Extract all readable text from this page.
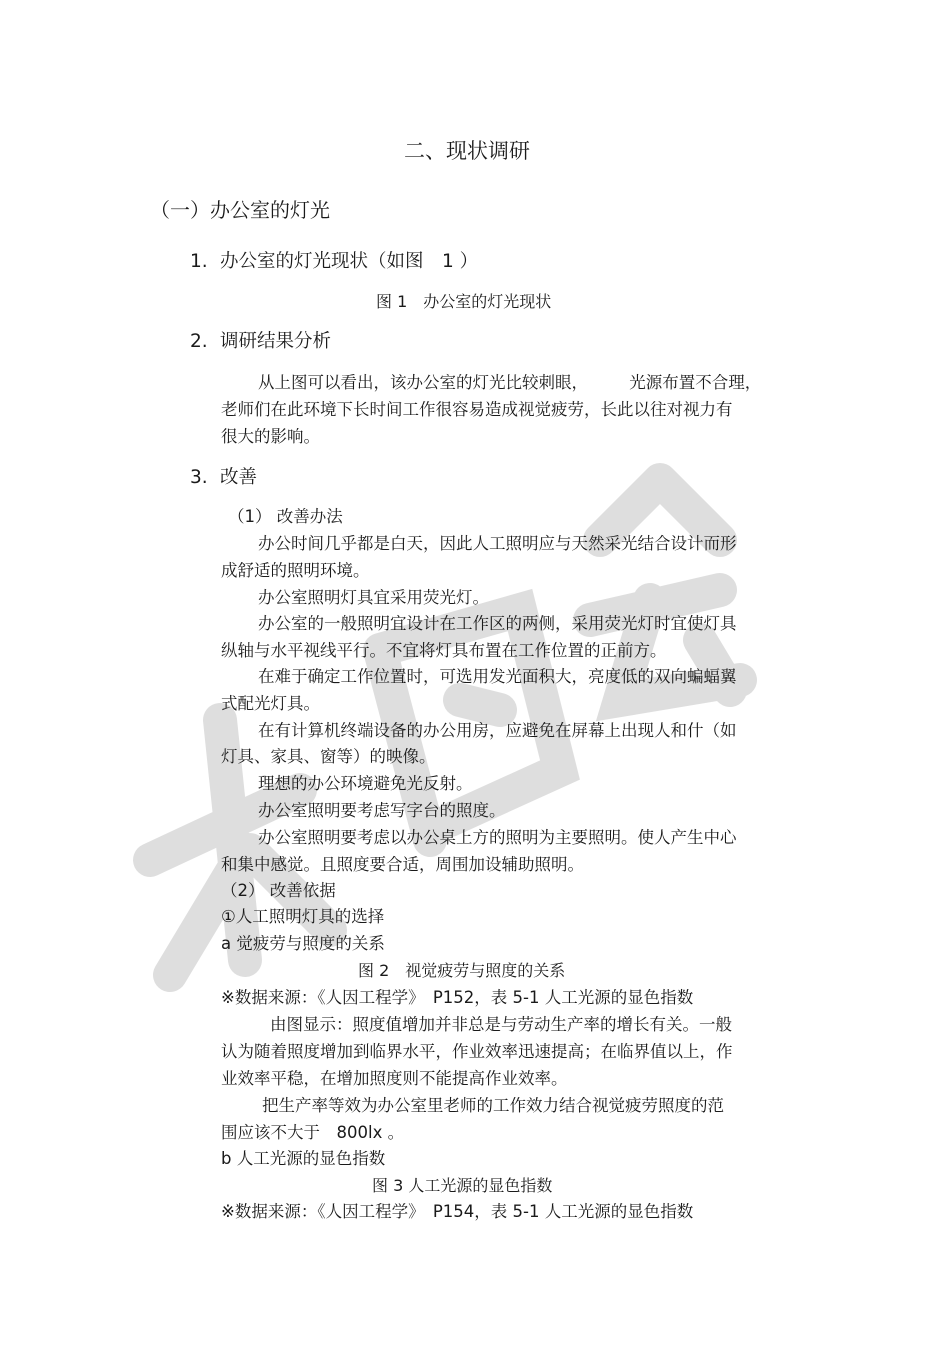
二、现状调研
（一）办公室的灯光
1. 办公室的灯光现状（如图　1 ）
图 1　办公室的灯光现状
2. 调研结果分析
从上图可以看出，该办公室的灯光比较刺眼，　　　光源布置不合理，
老师们在此环境下长时间工作很容易造成视觉疲劳，长此以往对视力有
很大的影响。
3. 改善
（1） 改善办法
办公时间几乎都是白天，因此人工照明应与天然采光结合设计而形
成舒适的照明环境。
办公室照明灯具宜采用荧光灯。
办公室的一般照明宜设计在工作区的两侧，采用荧光灯时宜使灯具
纵轴与水平视线平行。不宜将灯具布置在工作位置的正前方。
在难于确定工作位置时，可选用发光面积大，亮度低的双向蝙蝠翼
式配光灯具。
在有计算机终端设备的办公用房，应避免在屏幕上出现人和什（如
灯具、家具、窗等）的映像。
理想的办公环境避免光反射。
办公室照明要考虑写字台的照度。
办公室照明要考虑以办公桌上方的照明为主要照明。使人产生中心
和集中感觉。且照度要合适，周围加设辅助照明。
（2） 改善依据
①人工照明灯具的选择
a 觉疲劳与照度的关系
图 2　视觉疲劳与照度的关系
※数据来源：《人因工程学》　P152，表 5-1 人工光源的显色指数
由图显示：照度值增加并非总是与劳动生产率的增长有关。一般
认为随着照度增加到临界水平，作业效率迅速提高；在临界值以上，作
业效率平稳，在增加照度则不能提高作业效率。
把生产率等效为办公室里老师的工作效力结合视觉疲劳照度的范
围应该不大于　800lx 。
b 人工光源的显色指数
图 3 人工光源的显色指数
※数据来源：《人因工程学》　P154，表 5-1 人工光源的显色指数
